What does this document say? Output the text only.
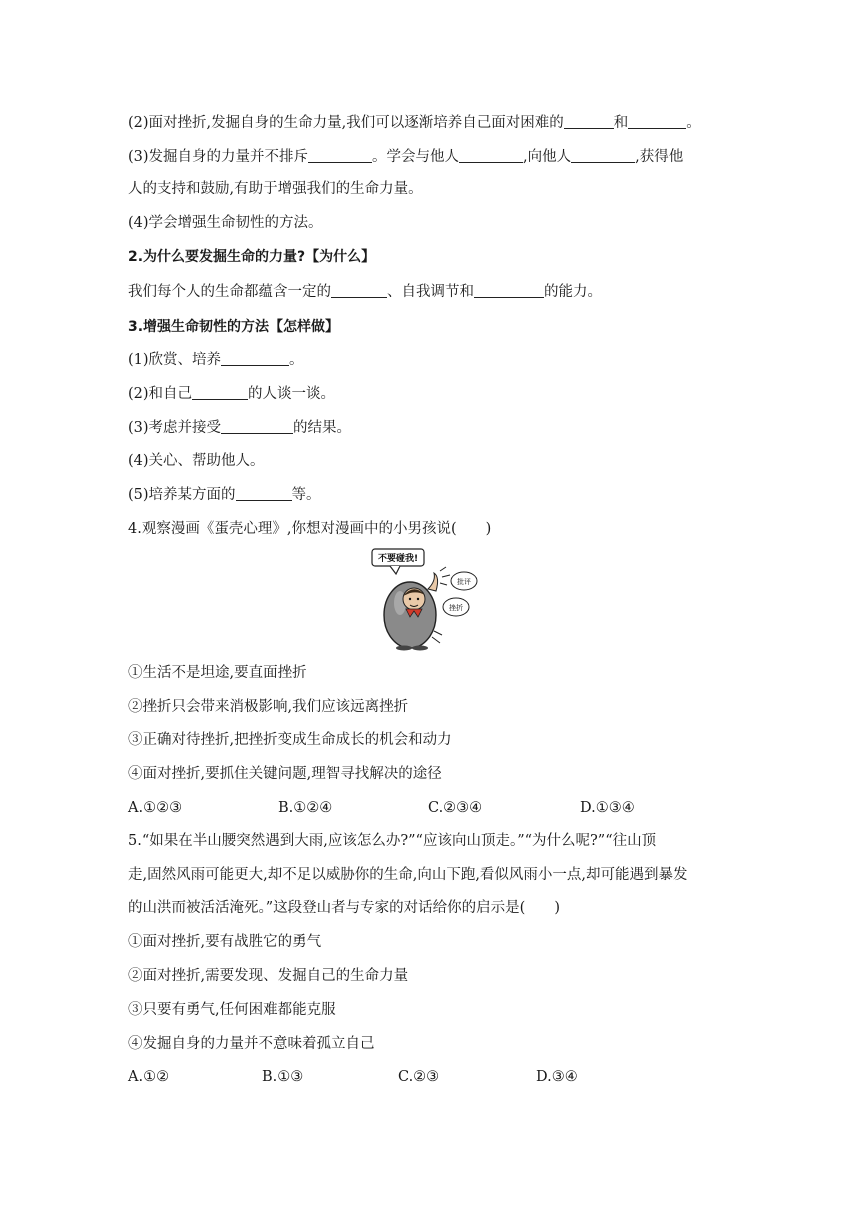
(2)面对挫折,发掘自身的生命力量,我们可以逐渐培养自己面对困难的	和	。
(3)发掘自身的力量并不排斥	。学会与他人	,向他人	,获得他
人的支持和鼓励,有助于增强我们的生命力量。
(4)学会增强生命韧性的方法。
2.为什么要发掘生命的力量?【为什么】
我们每个人的生命都蕴含一定的	、自我调节和	的能力。
3.增强生命韧性的方法【怎样做】
(1)欣赏、培养	。
(2)和自己	的人谈一谈。
(3)考虑并接受	的结果。
(4)关心、帮助他人。
(5)培养某方面的	等。
4.观察漫画《蛋壳心理》,你想对漫画中的小男孩说(　　)
不要碰我!
批评
挫折
①生活不是坦途,要直面挫折
②挫折只会带来消极影响,我们应该远离挫折
③正确对待挫折,把挫折变成生命成长的机会和动力
④面对挫折,要抓住关键问题,理智寻找解决的途径
A.①②③	B.①②④	C.②③④	D.①③④
5.“如果在半山腰突然遇到大雨,应该怎么办?”“应该向山顶走。”“为什么呢?”“往山顶
走,固然风雨可能更大,却不足以威胁你的生命,向山下跑,看似风雨小一点,却可能遇到暴发
的山洪而被活活淹死。”这段登山者与专家的对话给你的启示是(　　)
①面对挫折,要有战胜它的勇气
②面对挫折,需要发现、发掘自己的生命力量
③只要有勇气,任何困难都能克服
④发掘自身的力量并不意味着孤立自己
A.①②	B.①③	C.②③	D.③④
